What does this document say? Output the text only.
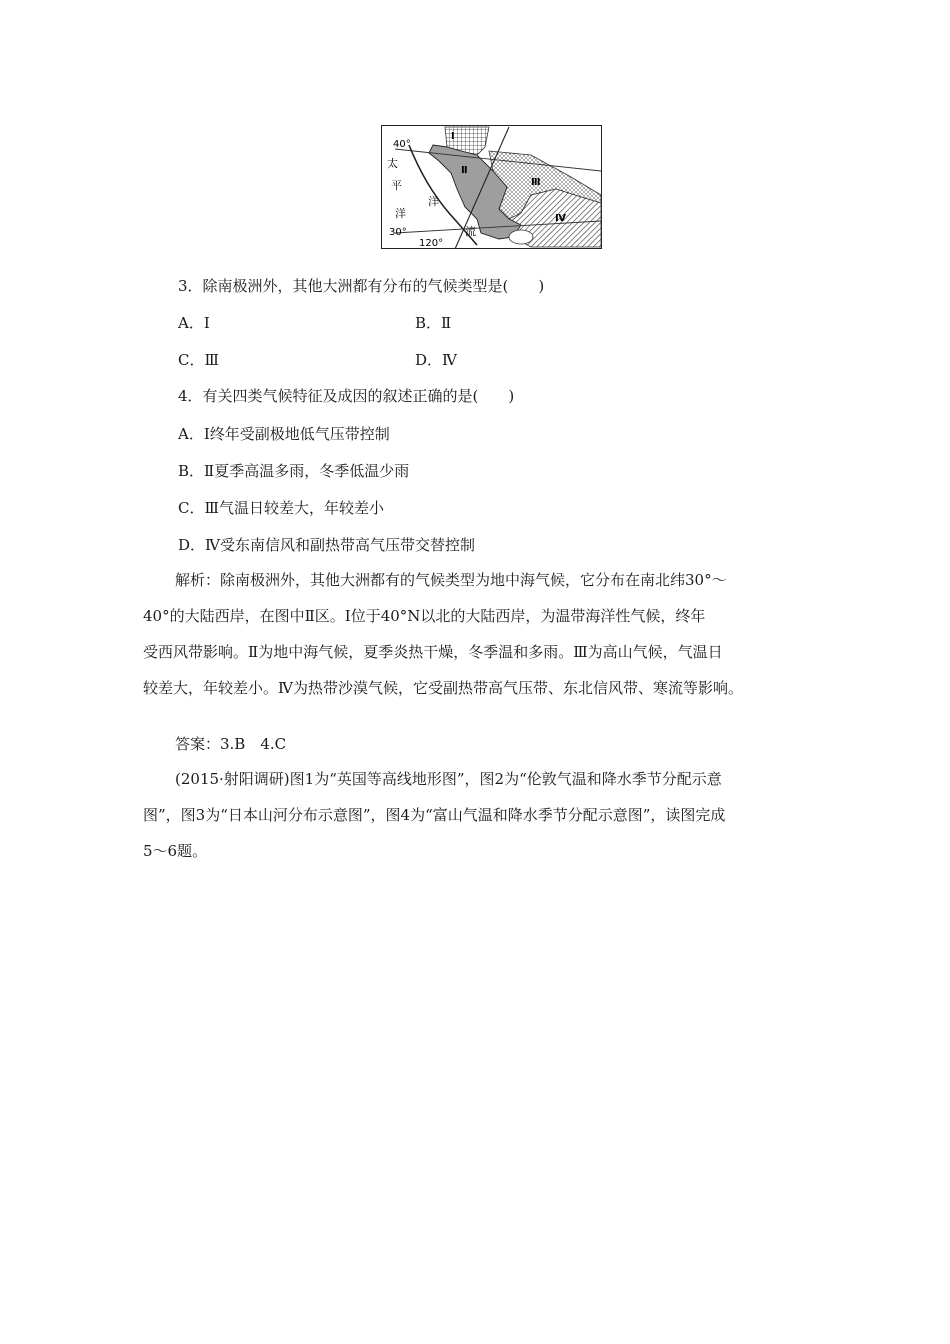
40°
太
平
洋
洋
流
30°
120°
Ⅰ
Ⅱ
Ⅲ
Ⅳ
3．除南极洲外，其他大洲都有分布的气候类型是(　　)
A．Ⅰ	B．Ⅱ
C．Ⅲ	D．Ⅳ
4．有关四类气候特征及成因的叙述正确的是(　　)
A．Ⅰ终年受副极地低气压带控制
B．Ⅱ夏季高温多雨，冬季低温少雨
C．Ⅲ气温日较差大，年较差小
D．Ⅳ受东南信风和副热带高气压带交替控制
解析：除南极洲外，其他大洲都有的气候类型为地中海气候，它分布在南北纬30°～
40°的大陆西岸，在图中Ⅱ区。Ⅰ位于40°N以北的大陆西岸，为温带海洋性气候，终年
受西风带影响。Ⅱ为地中海气候，夏季炎热干燥，冬季温和多雨。Ⅲ为高山气候，气温日
较差大，年较差小。Ⅳ为热带沙漠气候，它受副热带高气压带、东北信风带、寒流等影响。
答案：3.B　4.C
(2015·射阳调研)图1为“英国等高线地形图”，图2为“伦敦气温和降水季节分配示意
图”，图3为“日本山河分布示意图”，图4为“富山气温和降水季节分配示意图”，读图完成
5～6题。
